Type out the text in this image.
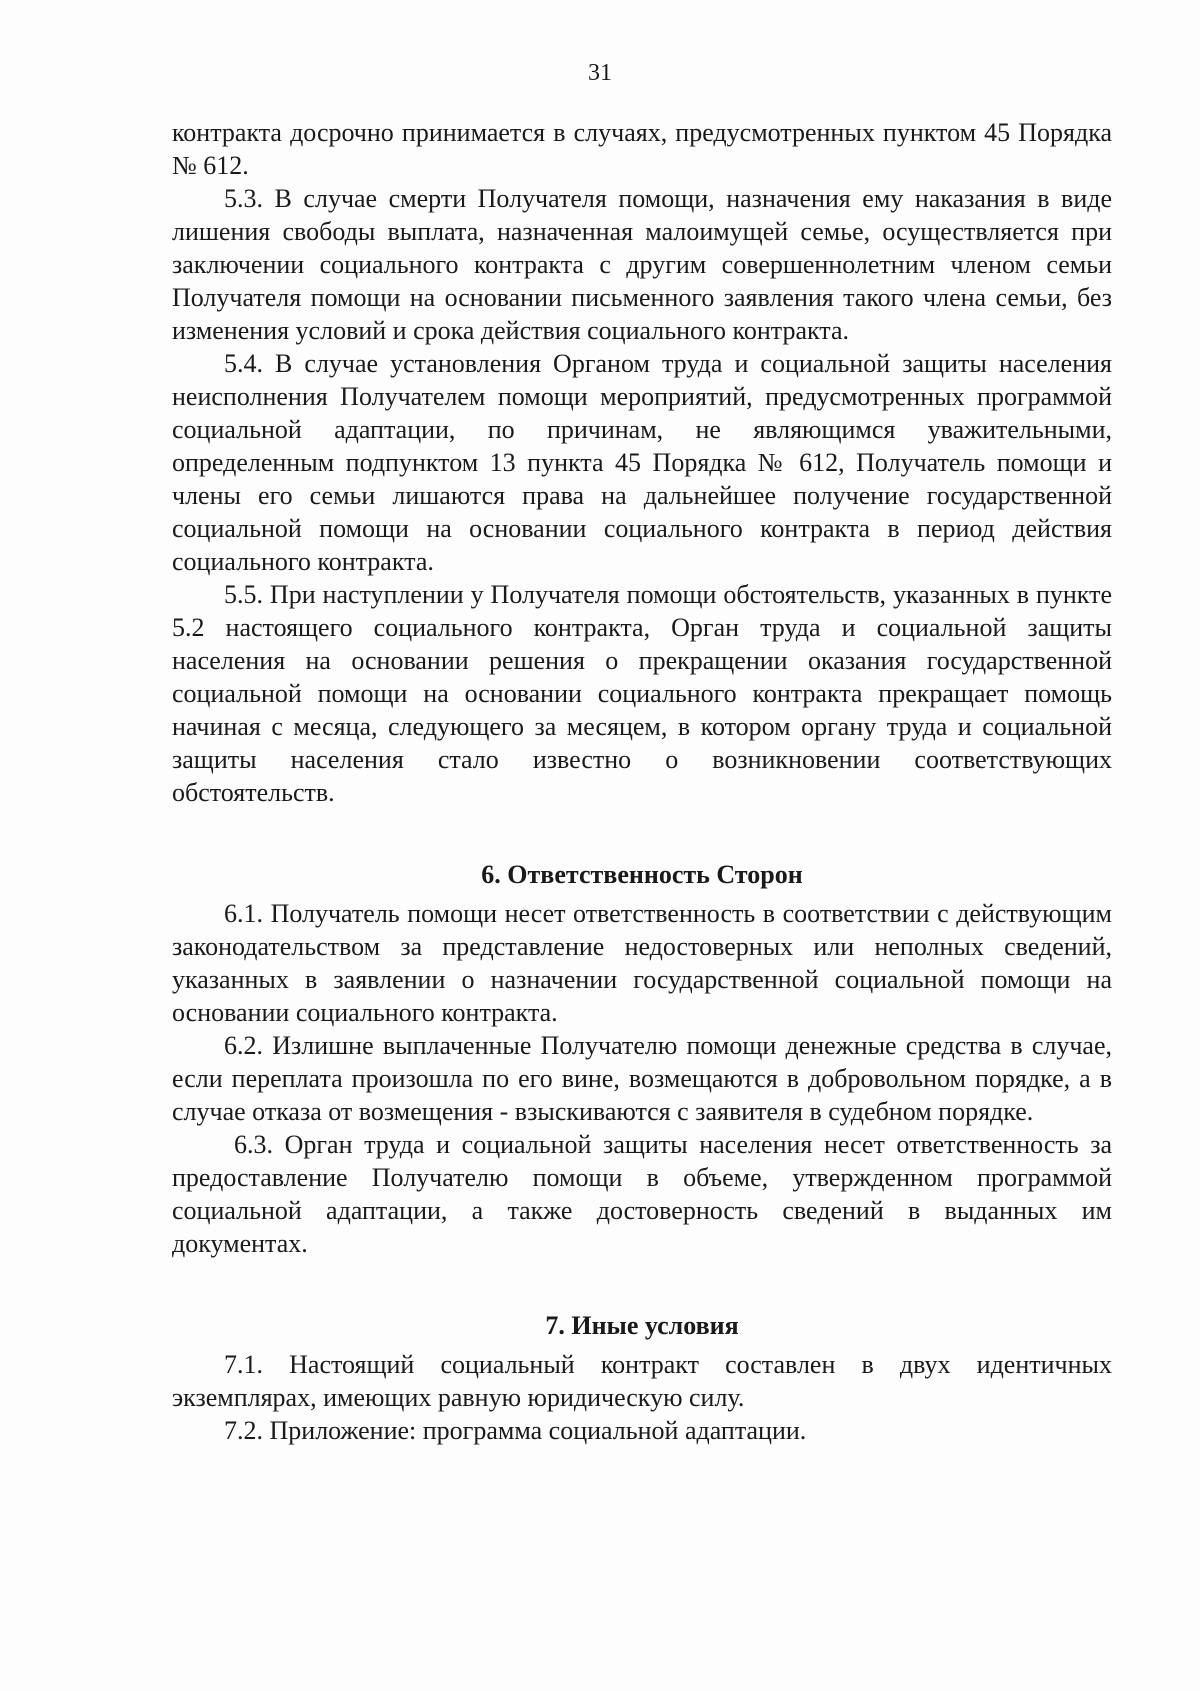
31

контракта досрочно принимается в случаях, предусмотренных пунктом 45 Порядка № 612.

5.3. В случае смерти Получателя помощи, назначения ему наказания в виде лишения свободы выплата, назначенная малоимущей семье, осуществляется при заключении социального контракта с другим совершеннолетним членом семьи Получателя помощи на основании письменного заявления такого члена семьи, без изменения условий и срока действия социального контракта.

5.4. В случае установления Органом труда и социальной защиты населения неисполнения Получателем помощи мероприятий, предусмотренных программой социальной адаптации, по причинам, не являющимся уважительными, определенным подпунктом 13 пункта 45 Порядка № 612, Получатель помощи и члены его семьи лишаются права на дальнейшее получение государственной социальной помощи на основании социального контракта в период действия социального контракта.

5.5. При наступлении у Получателя помощи обстоятельств, указанных в пункте 5.2 настоящего социального контракта, Орган труда и социальной защиты населения на основании решения о прекращении оказания государственной социальной помощи на основании социального контракта прекращает помощь начиная с месяца, следующего за месяцем, в котором органу труда и социальной защиты населения стало известно о возникновении соответствующих обстоятельств.

6. Ответственность Сторон

6.1. Получатель помощи несет ответственность в соответствии с действующим законодательством за представление недостоверных или неполных сведений, указанных в заявлении о назначении государственной социальной помощи на основании социального контракта.

6.2. Излишне выплаченные Получателю помощи денежные средства в случае, если переплата произошла по его вине, возмещаются в добровольном порядке, а в случае отказа от возмещения - взыскиваются с заявителя в судебном порядке.

6.3. Орган труда и социальной защиты населения несет ответственность за предоставление Получателю помощи в объеме, утвержденном программой социальной адаптации, а также достоверность сведений в выданных им документах.

7. Иные условия

7.1. Настоящий социальный контракт составлен в двух идентичных экземплярах, имеющих равную юридическую силу.

7.2. Приложение: программа социальной адаптации.
